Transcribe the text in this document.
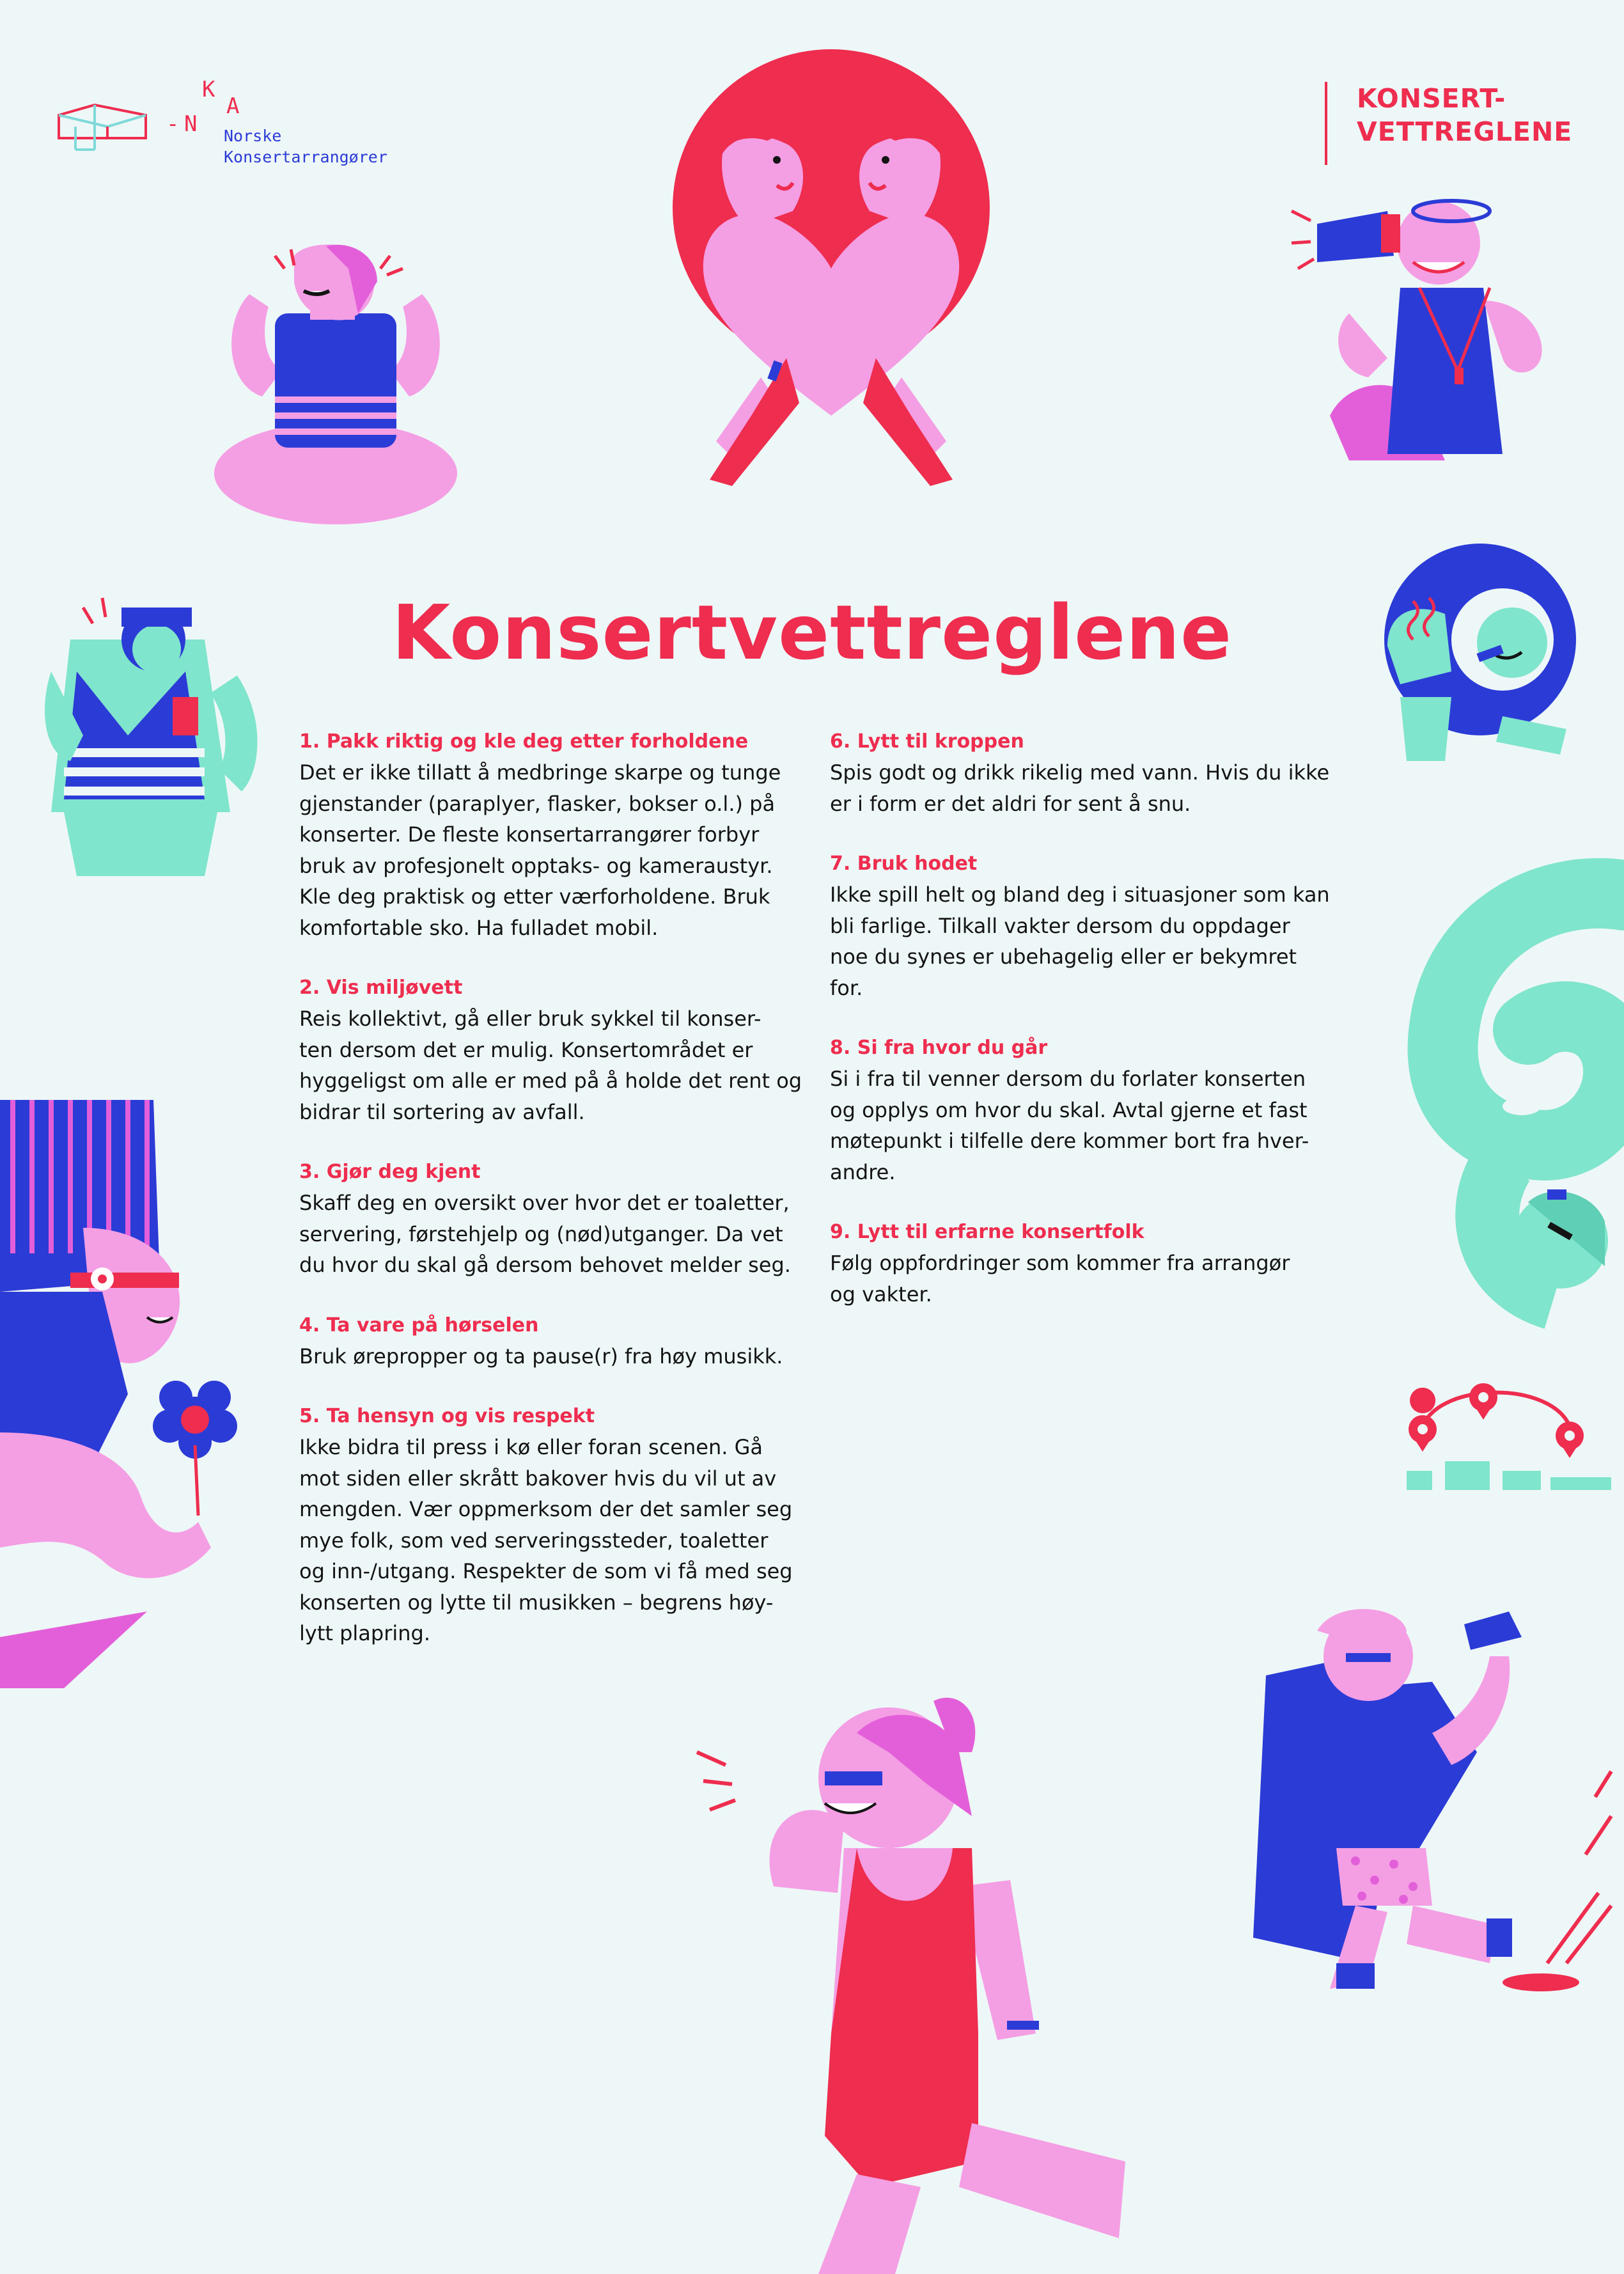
- N
K
A
Norske
Konsertarrangører
KONSERT-
VETTREGLENE
Konsertvettreglene
1. Pakk riktig og kle deg etter forholdene

Det er ikke tillatt å medbringe skarpe og tunge

gjenstander (paraplyer, flasker, bokser o.l.) på

konserter. De fleste konsertarrangører forbyr

bruk av profesjonelt opptaks- og kameraustyr.

Kle deg praktisk og etter værforholdene. Bruk

komfortable sko. Ha fulladet mobil.

2. Vis miljøvett

Reis kollektivt, gå eller bruk sykkel til konser-

ten dersom det er mulig. Konsertområdet er

hyggeligst om alle er med på å holde det rent og

bidrar til sortering av avfall.

3. Gjør deg kjent

Skaff deg en oversikt over hvor det er toaletter,

servering, førstehjelp og (nød)utganger. Da vet

du hvor du skal gå dersom behovet melder seg.

4. Ta vare på hørselen

Bruk ørepropper og ta pause(r) fra høy musikk.

5. Ta hensyn og vis respekt

Ikke bidra til press i kø eller foran scenen. Gå

mot siden eller skrått bakover hvis du vil ut av

mengden. Vær oppmerksom der det samler seg

mye folk, som ved serveringssteder, toaletter

og inn-/utgang. Respekter de som vi få med seg

konserten og lytte til musikken – begrens høy-

lytt plapring.

6. Lytt til kroppen

Spis godt og drikk rikelig med vann. Hvis du ikke

er i form er det aldri for sent å snu.

7. Bruk hodet

Ikke spill helt og bland deg i situasjoner som kan

bli farlige. Tilkall vakter dersom du oppdager

noe du synes er ubehagelig eller er bekymret

for.

8. Si fra hvor du går

Si i fra til venner dersom du forlater konserten

og opplys om hvor du skal. Avtal gjerne et fast

møtepunkt i tilfelle dere kommer bort fra hver-

andre.

9. Lytt til erfarne konsertfolk

Følg oppfordringer som kommer fra arrangør

og vakter.
